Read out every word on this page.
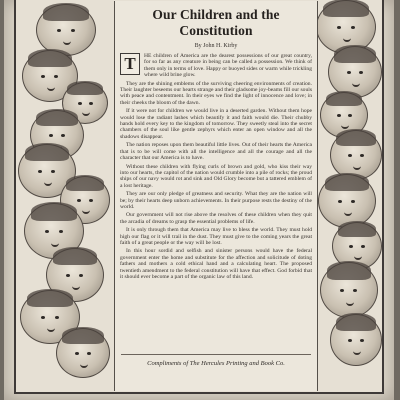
Our Children and the Constitution
By John H. Kirby
T	HE children of America are the dearest possessions of our great country, for so far as any creature in being can be called a possession. We think of them only in terms of love. Happy or buoyed sides or warm while trickling where wild brine glow.

They are the shining emblems of the surviving cheering environments of creation. Their laughter beseems our hearts strange and their gladsome joy-beams fill our souls with peace and contentment. In their eyes we find the light of innocence and love; in their cheeks the bloom of the dawn.

If it were not for children we would live in a deserted garden. Without them hope would lose the radiant lashes which beautify it and faith would die. Their chubby hands hold every key to the kingdom of tomorrow. They sweetly steal into the secret chambers of the soul like gentle zephyrs which enter an open window and all the shadows disappear.

The nation reposes upon them beautiful little lives. Out of their hearts the America that is to be will come with all the intelligence and all the courage and all the character that our America is to have.

Without these children with flying curls of brown and gold, who kiss their way into our hearts, the capitol of the nation would crumble into a pile of rocks; the proud ships of our navy would rot and sink and Old Glory become but a tattered emblem of a lost heritage.

They are our only pledge of greatness and security. What they are the nation will be; by their hearts deep unborn achievements. In their purpose rests the destiny of the world.

Our government will not rise above the resolves of these children when they quit the arcadia of dreams to grasp the essential problems of life.

It is only through them that America may live to bless the world. They must hold high our flag or it will trail in the dust. They must give to the coming years the great faith of a great people or the way will be lost.

In this hour sordid and selfish and sinister persons would have the federal government enter the home and substitute for the affection and solicitude of doting fathers and mothers a cold ethical hand and a calculating heart. The proposed twentieth amendment to the federal constitution will have that effect. God forbid that it should ever become a part of the organic law of this land.

Compliments of The Hercules Printing and Book Co.
